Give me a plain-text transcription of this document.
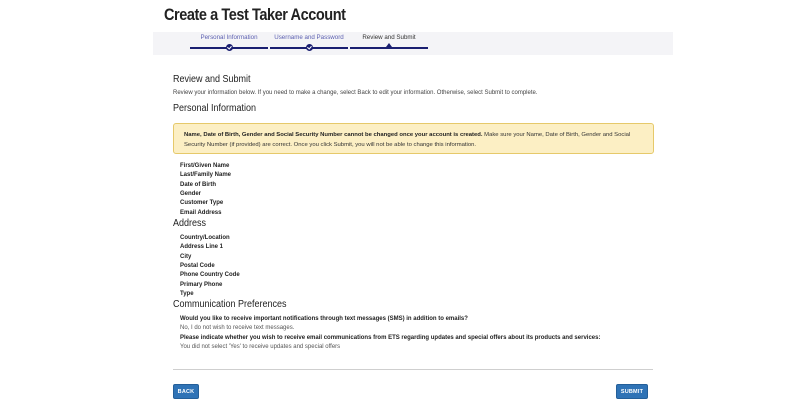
Create a Test Taker Account
Personal Information	Username and Password	Review and Submit
Review and Submit
Review your information below. If you need to make a change, select Back to edit your information. Otherwise, select Submit to complete.
Personal Information
Name, Date of Birth, Gender and Social Security Number cannot be changed once your account is created. Make sure your Name, Date of Birth, Gender and Social Security Number (if provided) are correct. Once you click Submit, you will not be able to change this information.
First/Given Name
Last/Family Name
Date of Birth
Gender
Customer Type
Email Address
Address
Country/Location
Address Line 1
City
Postal Code
Phone Country Code
Primary Phone
Type
Communication Preferences
Would you like to receive important notifications through text messages (SMS) in addition to emails?
No, I do not wish to receive text messages.
Please indicate whether you wish to receive email communications from ETS regarding updates and special offers about its products and services:
You did not select 'Yes' to receive updates and special offers
BACK	SUBMIT
